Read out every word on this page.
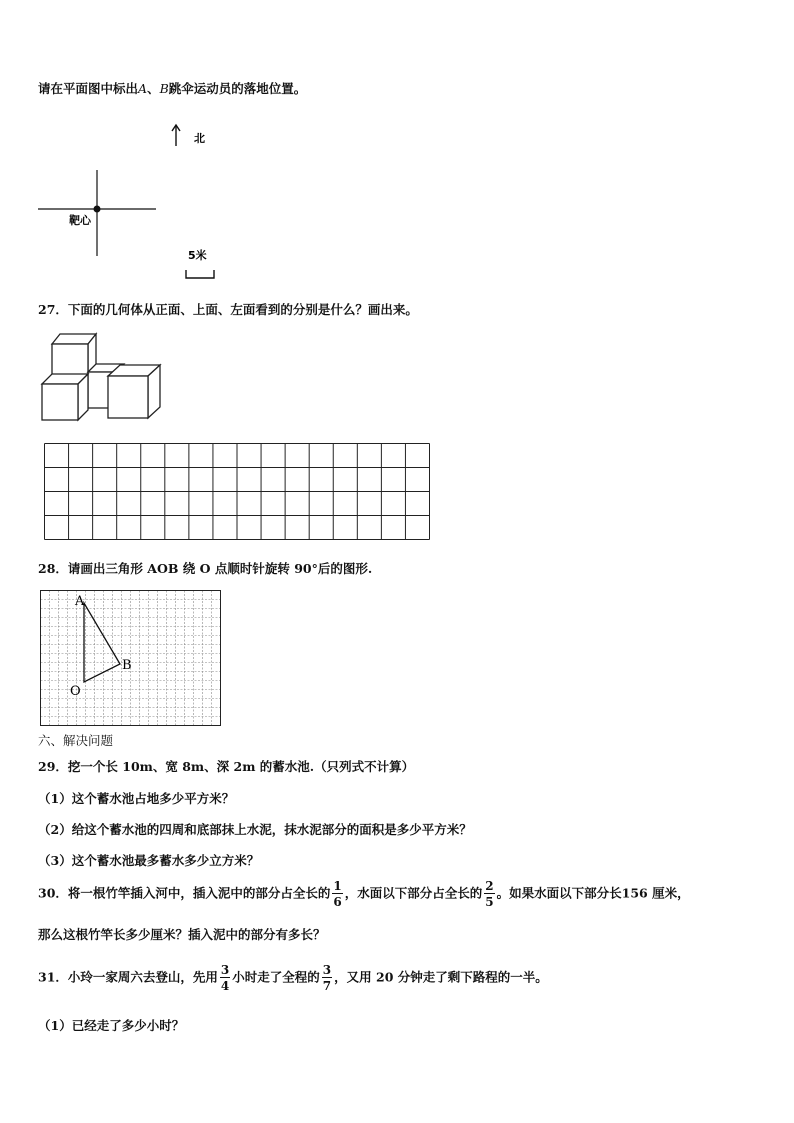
请在平面图中标出A、B跳伞运动员的落地位置。
北
靶心
5米
27．下面的几何体从正面、上面、左面看到的分别是什么？画出来。
28．请画出三角形 AOB 绕 O 点顺时针旋转 90°后的图形.
A
B
O
六、解决问题
29．挖一个长 10m、宽 8m、深 2m 的蓄水池.（只列式不计算）
（1）这个蓄水池占地多少平方米？
（2）给这个蓄水池的四周和底部抹上水泥，抹水泥部分的面积是多少平方米？
（3）这个蓄水池最多蓄水多少立方米？
30．将一根竹竿插入河中，插入泥中的部分占全长的 $\frac{1}{6}$ ，水面以下部分占全长的 $\frac{2}{5}$ 。如果水面以下部分长156 厘米，
那么这根竹竿长多少厘米？插入泥中的部分有多长？
31．小玲一家周六去登山，先用 $\frac{3}{4}$ 小时走了全程的 $\frac{3}{7}$ ，又用 20 分钟走了剩下路程的一半。
（1）已经走了多少小时？
